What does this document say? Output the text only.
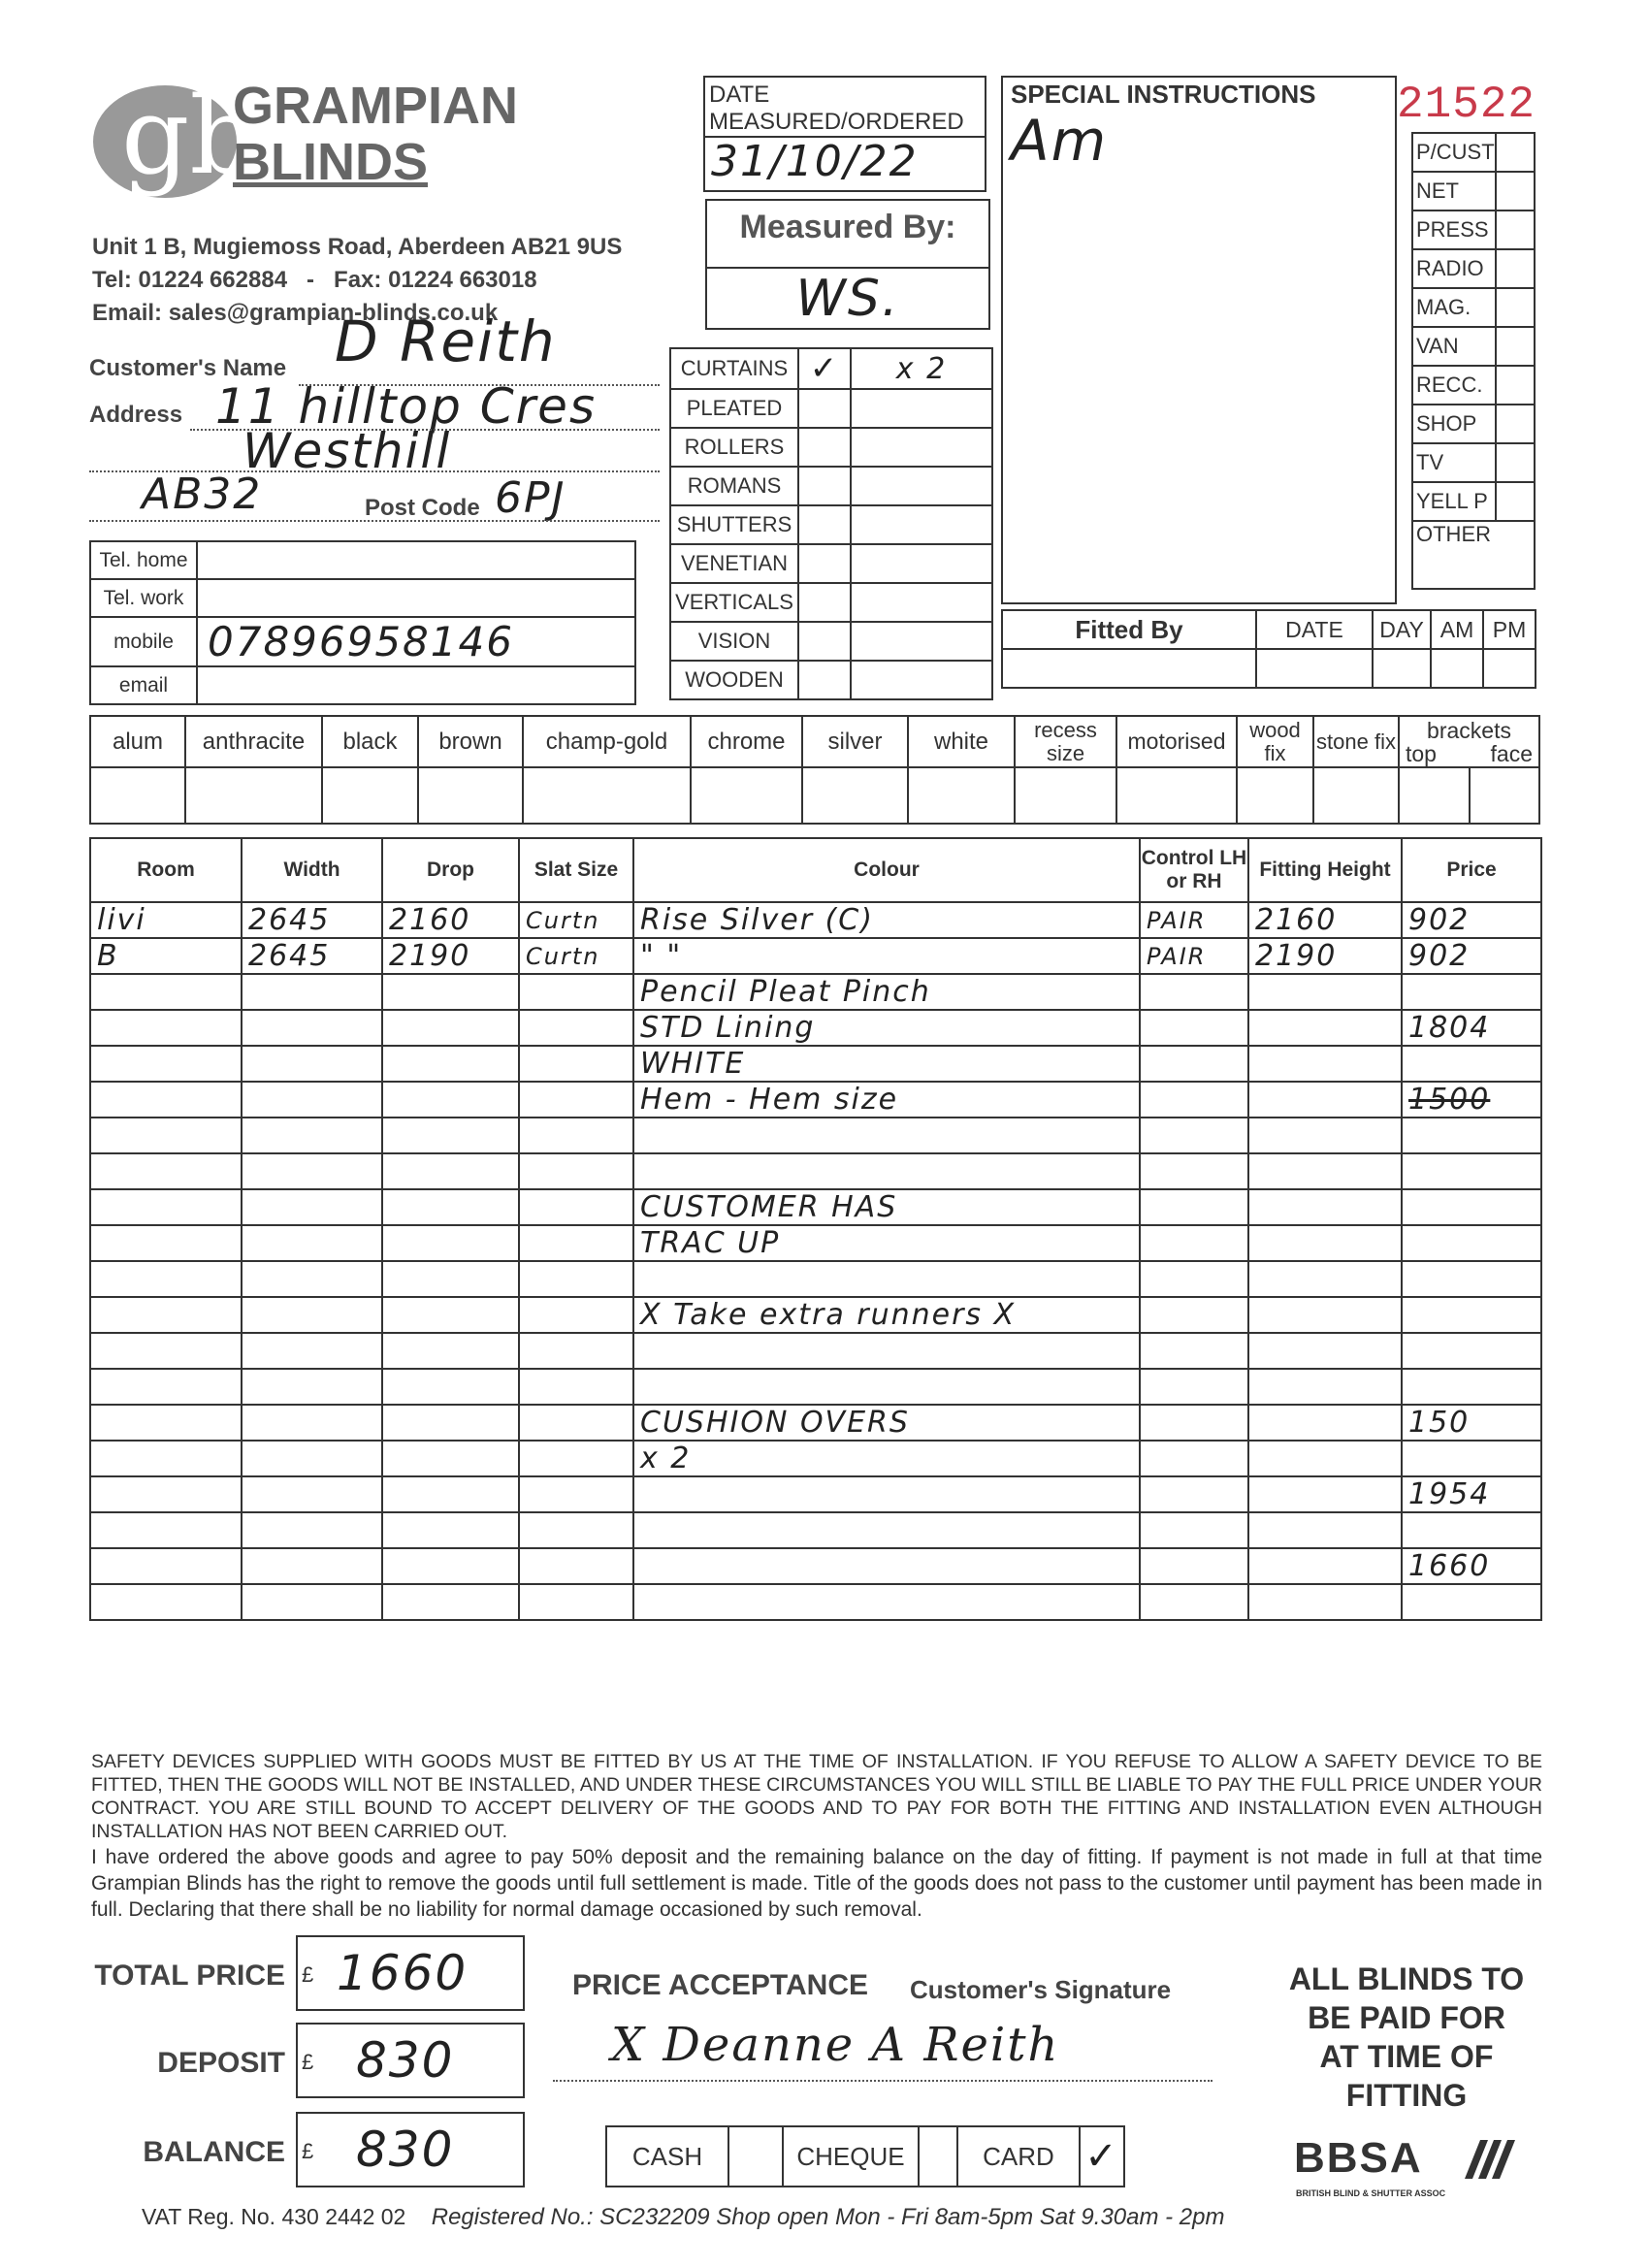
gb
GRAMPIAN
BLINDS
Unit 1 B, Mugiemoss Road, Aberdeen AB21 9US
Tel: 01224 662884   -   Fax: 01224 663018
Email: sales@grampian-blinds.co.uk
DATE
MEASURED/ORDERED
31/10/22
Measured By:
WS.
SPECIAL INSTRUCTIONS
Am
21522
P/CUST	
NET	
PRESS	
RADIO	
MAG.	
VAN	
RECC.	
SHOP	
TV	
YELL P	
OTHER	
Customer's Name D Reith
Address 11 hilltop Cres
Westhill
AB32	Post Code 6PJ
Tel. home	
Tel. work	
mobile	07896958146
email	
CURTAINS	✓	x 2
PLEATED		
ROLLERS		
ROMANS		
SHUTTERS		
VENETIAN		
VERTICALS		
VISION		
WOODEN		
Fitted By	DATE	DAY	AM	PM

alum	anthracite	black	brown	champ-gold	chrome	silver	white	recess size	motorised	wood fix	stone fix	brackets
top face

Room	Width	Drop	Slat Size	Colour	Control LH or RH	Fitting Height	Price
livi	2645	2160	Curtn	Rise Silver (C)	PAIR	2160	902
B	2645	2190	Curtn	" "	PAIR	2190	902
				Pencil Pleat Pinch			
				STD Lining			1804
				WHITE			
				Hem - Hem size			1500

				CUSTOMER HAS			
				TRAC UP			

				X Take extra runners X			

				CUSHION OVERS			150
				x 2			
							1954

							1660

SAFETY DEVICES SUPPLIED WITH GOODS MUST BE FITTED BY US AT THE TIME OF INSTALLATION. IF YOU REFUSE TO ALLOW A SAFETY DEVICE TO BE FITTED, THEN THE GOODS WILL NOT BE INSTALLED, AND UNDER THESE CIRCUMSTANCES YOU WILL STILL BE LIABLE TO PAY THE FULL PRICE UNDER YOUR CONTRACT. YOU ARE STILL BOUND TO ACCEPT DELIVERY OF THE GOODS AND TO PAY FOR BOTH THE FITTING AND INSTALLATION EVEN ALTHOUGH INSTALLATION HAS NOT BEEN CARRIED OUT.
I have ordered the above goods and agree to pay 50% deposit and the remaining balance on the day of fitting. If payment is not made in full at that time Grampian Blinds has the right to remove the goods until full settlement is made. Title of the goods does not pass to the customer until payment has been made in full. Declaring that there shall be no liability for normal damage occasioned by such removal.
TOTAL PRICE £ 1660
DEPOSIT £ 830
BALANCE £ 830
PRICE ACCEPTANCE Customer's Signature
X Deanne A Reith
CASH		CHEQUE		CARD	✓
ALL BLINDS TO
BE PAID FOR
AT TIME OF
FITTING
BBSA
BRITISH BLIND & SHUTTER ASSOC
VAT Reg. No. 430 2442 02 Registered No.: SC232209 Shop open Mon - Fri 8am-5pm Sat 9.30am - 2pm
